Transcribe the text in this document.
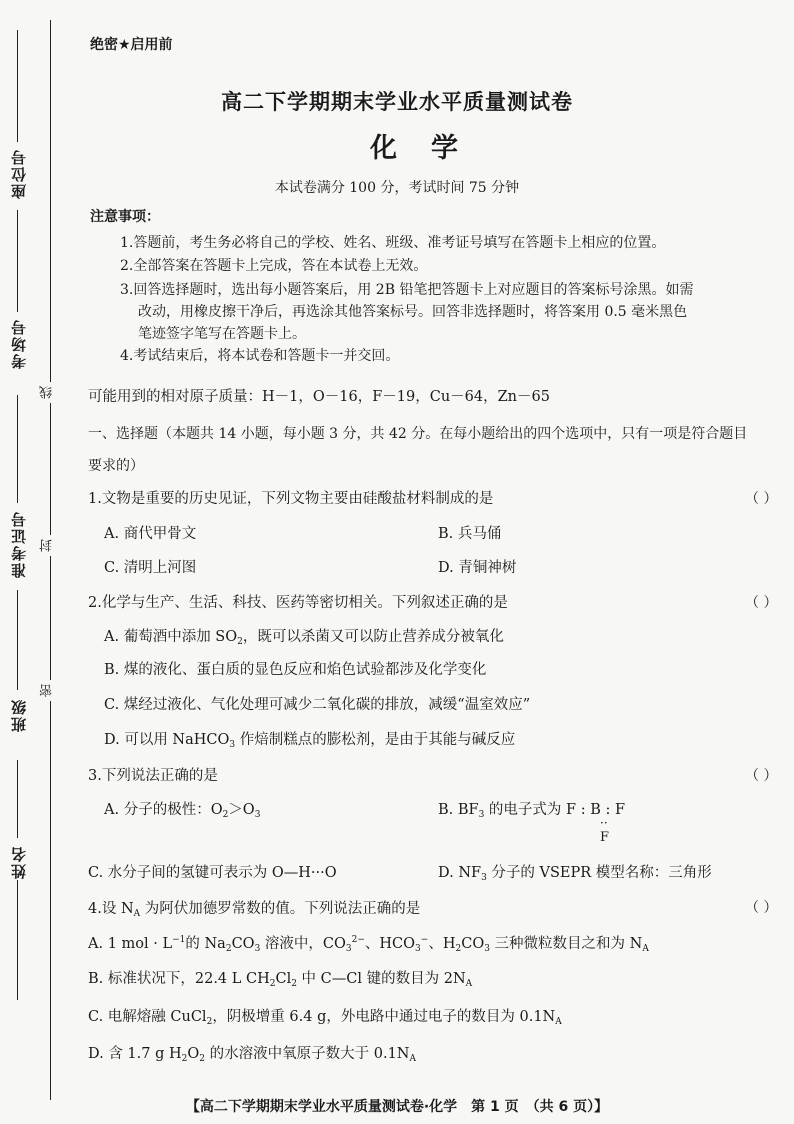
座位号
考场号
准考证号
班级
姓名
线
封
密
绝密★启用前
高二下学期期末学业水平质量测试卷
化学
本试卷满分 100 分，考试时间 75 分钟
注意事项：
1.答题前，考生务必将自己的学校、姓名、班级、准考证号填写在答题卡上相应的位置。
2.全部答案在答题卡上完成，答在本试卷上无效。
3.回答选择题时，选出每小题答案后，用 2B 铅笔把答题卡上对应题目的答案标号涂黑。如需
改动，用橡皮擦干净后，再选涂其他答案标号。回答非选择题时，将答案用 0.5 毫米黑色
笔迹签字笔写在答题卡上。
4.考试结束后，将本试卷和答题卡一并交回。
可能用到的相对原子质量：H－1，O－16，F－19，Cu－64，Zn－65
一、选择题（本题共 14 小题，每小题 3 分，共 42 分。在每小题给出的四个选项中，只有一项是符合题目
要求的）
1.文物是重要的历史见证，下列文物主要由硅酸盐材料制成的是	（ ）
A. 商代甲骨文	B. 兵马俑
C. 清明上河图	D. 青铜神树
2.化学与生产、生活、科技、医药等密切相关。下列叙述正确的是	（ ）
A. 葡萄酒中添加 $SO_2$，既可以杀菌又可以防止营养成分被氧化
B. 煤的液化、蛋白质的显色反应和焰色试验都涉及化学变化
C. 煤经过液化、气化处理可减少二氧化碳的排放，减缓“温室效应”
D. 可以用 NaHCO$_3$ 作焙制糕点的膨松剂，是由于其能与碱反应
3.下列说法正确的是	（ ）
A. 分子的极性：$O_2>O_3$	B. $BF_3$ 的电子式为 F : B : F
··
F
C. 水分子间的氢键可表示为 O—H···O	D. $NF_3$ 分子的 VSEPR 模型名称：三角形
4.设 $N_A$ 为阿伏加德罗常数的值。下列说法正确的是	（ ）
A. 1 mol · $L^{-1}$的 $Na_2CO_3$ 溶液中，$CO_3^{2-}$、$HCO_3^-$、$H_2CO_3$ 三种微粒数目之和为 $N_A$
B. 标准状况下，22.4 L $CH_2Cl_2$ 中 C—Cl 键的数目为 $2N_A$
C. 电解熔融 CuCl$_2$，阴极增重 6.4 g，外电路中通过电子的数目为 $0.1N_A$
D. 含 1.7 g $H_2O_2$ 的水溶液中氧原子数大于 $0.1N_A$
【高二下学期期末学业水平质量测试卷·化学　第 1 页　（共 6 页）】
